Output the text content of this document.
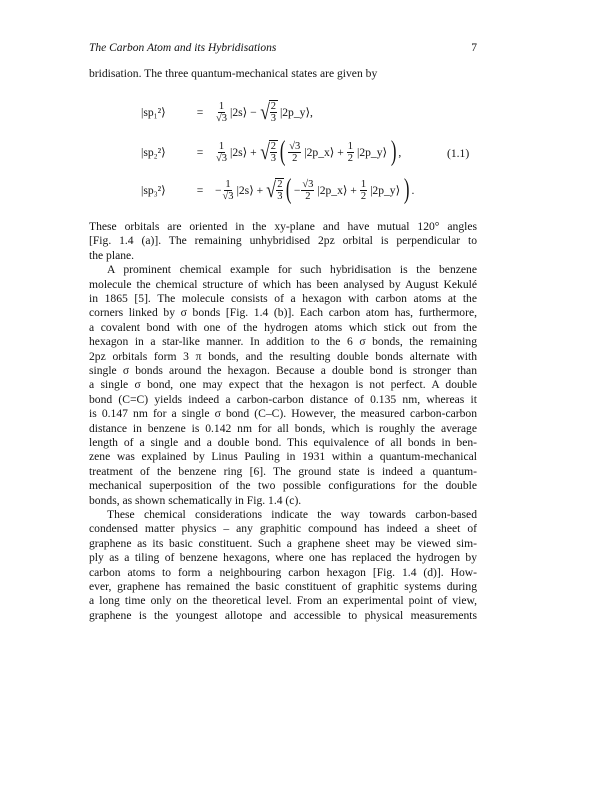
The Carbon Atom and its Hybridisations	7
bridisation. The three quantum-mechanical states are given by
|sp₁²⟩	=	$\frac{1}{√3}$ |2s⟩ − √ $\frac{2}{3}$ |2p_y⟩,
|sp₂²⟩	=	$\frac{1}{√3}$ |2s⟩ + √ $\frac{2}{3}$ ( $\frac{√3}{2}$ |2p_x⟩ + $\frac{1}{2}$ |2p_y⟩ ) ,
|sp₃²⟩	=	− $\frac{1}{√3}$ |2s⟩ + √ $\frac{2}{3}$ ( − $\frac{√3}{2}$ |2p_x⟩ + $\frac{1}{2}$ |2p_y⟩ ) .
(1.1)
These orbitals are oriented in the xy-plane and have mutual 120° angles
[Fig. 1.4 (a)]. The remaining unhybridised 2pz orbital is perpendicular to
the plane.
A prominent chemical example for such hybridisation is the benzene
molecule the chemical structure of which has been analysed by August Kekulé
in 1865 [5]. The molecule consists of a hexagon with carbon atoms at the
corners linked by σ bonds [Fig. 1.4 (b)]. Each carbon atom has, furthermore,
a covalent bond with one of the hydrogen atoms which stick out from the
hexagon in a star-like manner. In addition to the 6 σ bonds, the remaining
2pz orbitals form 3 π bonds, and the resulting double bonds alternate with
single σ bonds around the hexagon. Because a double bond is stronger than
a single σ bond, one may expect that the hexagon is not perfect. A double
bond (C=C) yields indeed a carbon-carbon distance of 0.135 nm, whereas it
is 0.147 nm for a single σ bond (C–C). However, the measured carbon-carbon
distance in benzene is 0.142 nm for all bonds, which is roughly the average
length of a single and a double bond. This equivalence of all bonds in ben-
zene was explained by Linus Pauling in 1931 within a quantum-mechanical
treatment of the benzene ring [6]. The ground state is indeed a quantum-
mechanical superposition of the two possible configurations for the double
bonds, as shown schematically in Fig. 1.4 (c).
These chemical considerations indicate the way towards carbon-based
condensed matter physics – any graphitic compound has indeed a sheet of
graphene as its basic constituent. Such a graphene sheet may be viewed sim-
ply as a tiling of benzene hexagons, where one has replaced the hydrogen by
carbon atoms to form a neighbouring carbon hexagon [Fig. 1.4 (d)]. How-
ever, graphene has remained the basic constituent of graphitic systems during
a long time only on the theoretical level. From an experimental point of view,
graphene is the youngest allotope and accessible to physical measurements
